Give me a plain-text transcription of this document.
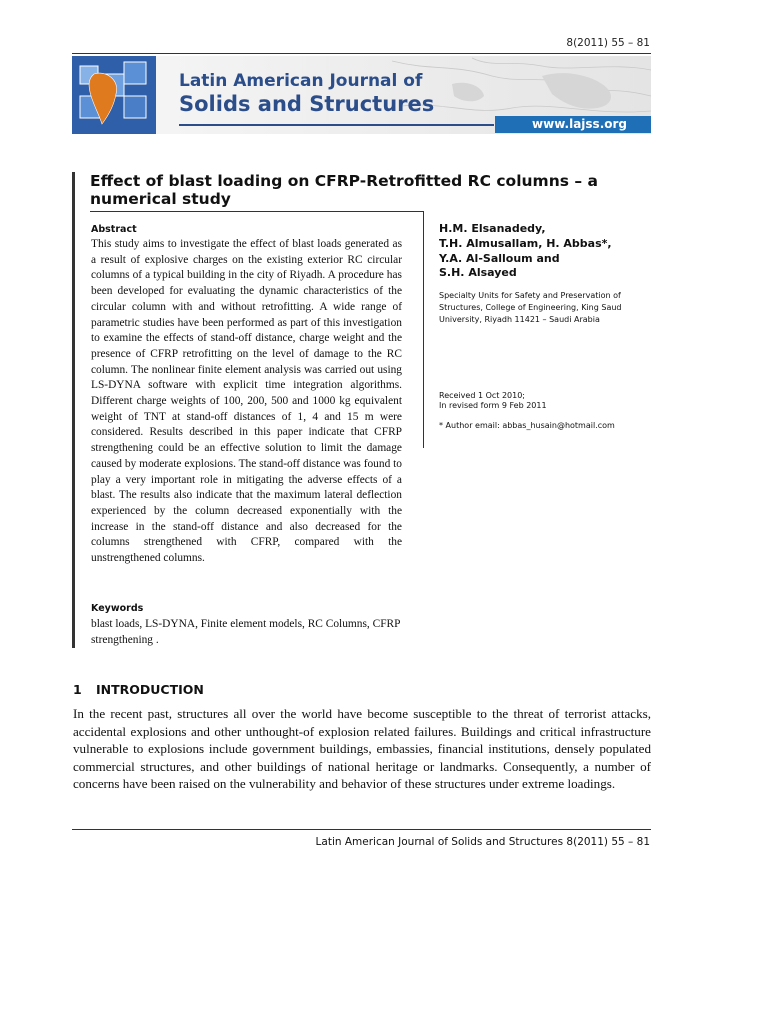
8(2011) 55 – 81
Latin American Journal of
Solids and Structures
www.lajss.org
Effect of blast loading on CFRP-Retrofitted RC columns – a numerical study
Abstract
This study aims to investigate the effect of blast loads generated as a result of explosive charges on the existing exterior RC circular columns of a typical building in the city of Riyadh. A procedure has been developed for evaluating the dynamic characteristics of the circular column with and without retrofitting. A wide range of parametric studies have been performed as part of this investigation to examine the effects of stand-off distance, charge weight and the presence of CFRP retrofitting on the level of damage to the RC column. The nonlinear finite element analysis was carried out using LS-DYNA software with explicit time integration algorithms. Different charge weights of 100, 200, 500 and 1000 kg equivalent weight of TNT at stand-off distances of 1, 4 and 15 m were considered. Results described in this paper indicate that CFRP strengthening could be an effective solution to limit the damage caused by moderate explosions. The stand-off distance was found to play a very important role in mitigating the adverse effects of a blast. The results also indicate that the maximum lateral deflection experienced by the column decreased exponentially with the increase in the stand-off distance and also decreased for the columns strengthened with CFRP, compared with the unstrengthened columns.
Keywords
blast loads, LS-DYNA, Finite element models, RC Columns, CFRP strengthening .
H.M. Elsanadedy,
T.H. Almusallam, H. Abbas*,
Y.A. Al-Salloum and
S.H. Alsayed
Specialty Units for Safety and Preservation of Structures, College of Engineering, King Saud University, Riyadh 11421 – Saudi Arabia
Received 1 Oct 2010;
In revised form 9 Feb 2011
* Author email: abbas_husain@hotmail.com
1 INTRODUCTION
In the recent past, structures all over the world have become susceptible to the threat of terrorist attacks, accidental explosions and other unthought-of explosion related failures. Buildings and critical infrastructure vulnerable to explosions include government buildings, embassies, financial institutions, densely populated commercial structures, and other buildings of national heritage or landmarks. Consequently, a number of concerns have been raised on the vulnerability and behavior of these structures under extreme loadings.
Latin American Journal of Solids and Structures 8(2011) 55 – 81
